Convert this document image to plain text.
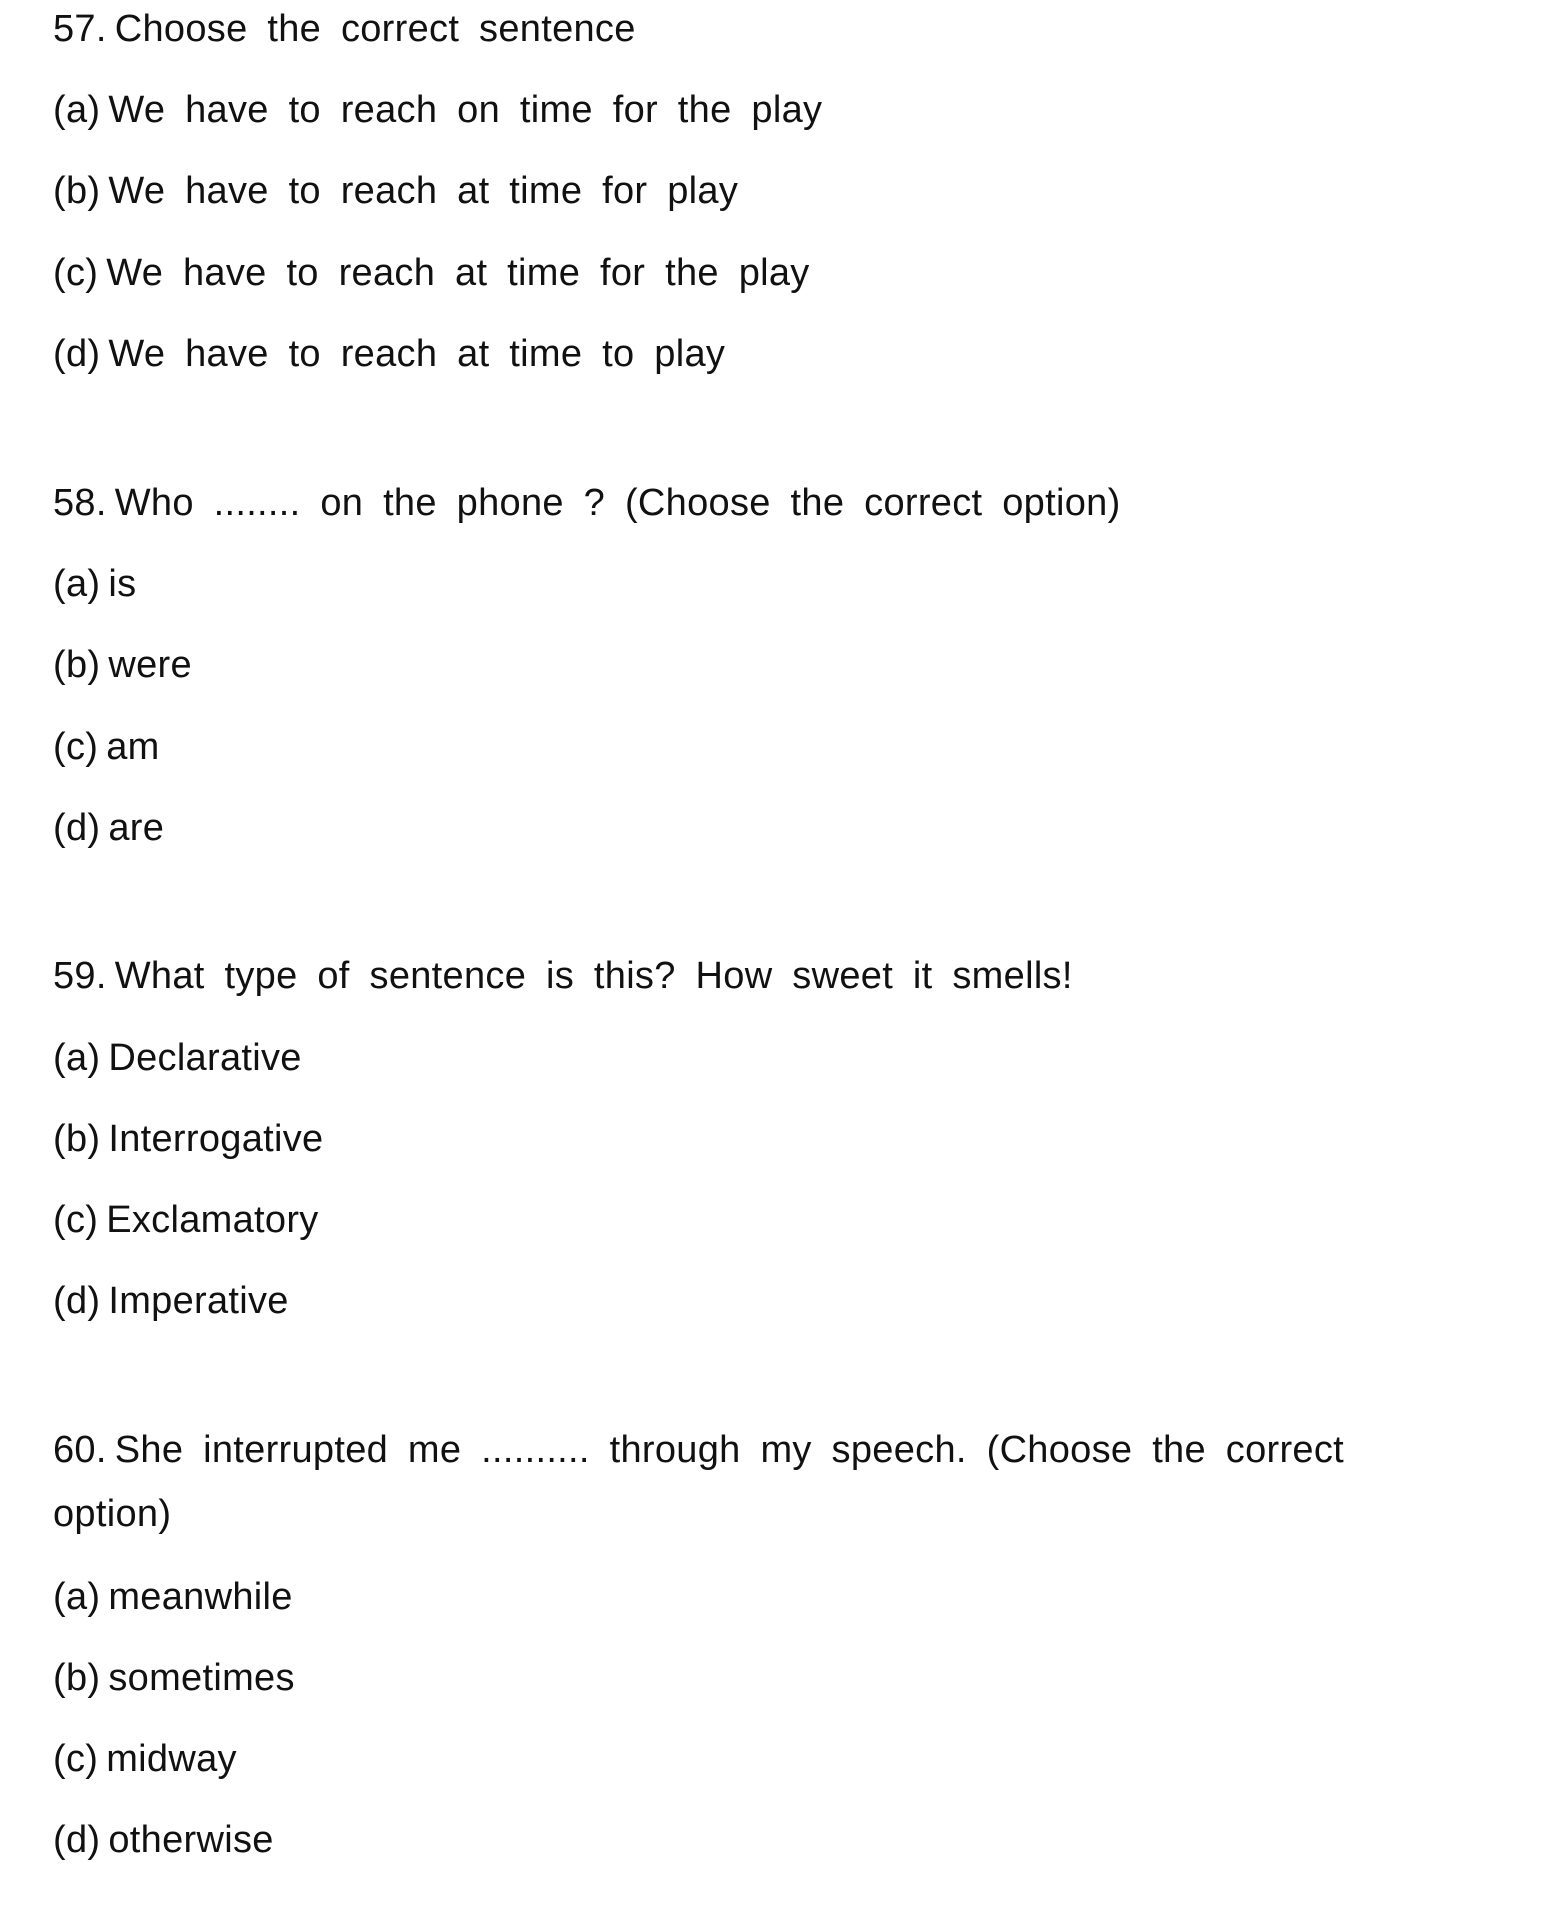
57. Choose the correct sentence
(a) We have to reach on time for the play
(b) We have to reach at time for play
(c) We have to reach at time for the play
(d) We have to reach at time to play
58. Who ........ on the phone ? (Choose the correct option)
(a) is
(b) were
(c) am
(d) are
59. What type of sentence is this? How sweet it smells!
(a) Declarative
(b) Interrogative
(c) Exclamatory
(d) Imperative
60. She interrupted me .......... through my speech. (Choose the correct
option)
(a) meanwhile
(b) sometimes
(c) midway
(d) otherwise
